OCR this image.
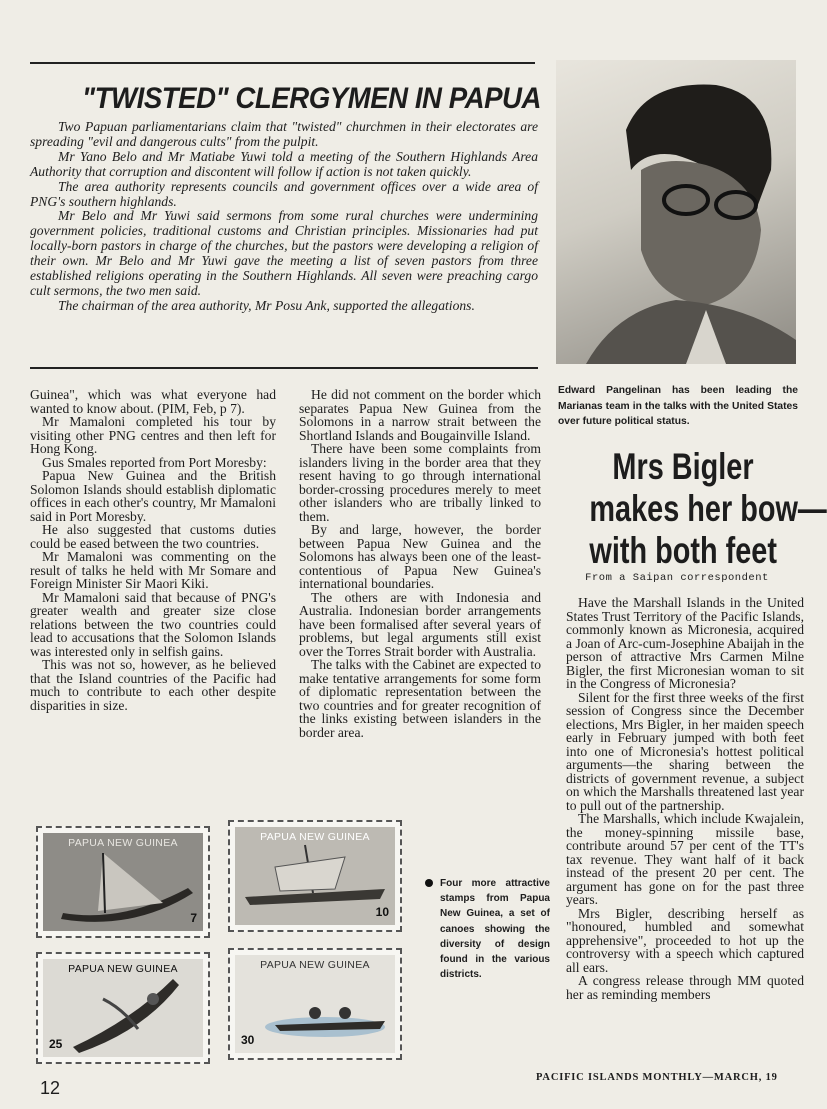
"TWISTED" CLERGYMEN IN PAPUA

Two Papuan parliamentarians claim that "twisted" churchmen in their electorates are spreading "evil and dangerous cults" from the pulpit.

Mr Yano Belo and Mr Matiabe Yuwi told a meeting of the Southern Highlands Area Authority that corruption and discontent will follow if action is not taken quickly.

The area authority represents councils and government offices over a wide area of PNG's southern highlands.

Mr Belo and Mr Yuwi said sermons from some rural churches were undermining government policies, traditional customs and Christian principles. Missionaries had put locally-born pastors in charge of the churches, but the pastors were developing a religion of their own. Mr Belo and Mr Yuwi gave the meeting a list of seven pastors from three established religions operating in the Southern Highlands. All seven were preaching cargo cult sermons, the two men said.

The chairman of the area authority, Mr Posu Ank, supported the allegations.

Edward Pangelinan has been leading the Marianas team in the talks with the United States over future political status.

Guinea", which was what everyone had wanted to know about. (PIM, Feb, p 7).

Mr Mamaloni completed his tour by visiting other PNG centres and then left for Hong Kong.

Gus Smales reported from Port Moresby:

Papua New Guinea and the British Solomon Islands should establish diplomatic offices in each other's country, Mr Mamaloni said in Port Moresby.

He also suggested that customs duties could be eased between the two countries.

Mr Mamaloni was commenting on the result of talks he held with Mr Somare and Foreign Minister Sir Maori Kiki.

Mr Mamaloni said that because of PNG's greater wealth and greater size close relations between the two countries could lead to accusations that the Solomon Islands was interested only in selfish gains.

This was not so, however, as he believed that the Island countries of the Pacific had much to contribute to each other despite disparities in size.

He did not comment on the border which separates Papua New Guinea from the Solomons in a narrow strait between the Shortland Islands and Bougainville Island.

There have been some complaints from islanders living in the border area that they resent having to go through international border-crossing procedures merely to meet other islanders who are tribally linked to them.

By and large, however, the border between Papua New Guinea and the Solomons has always been one of the least-contentious of Papua New Guinea's international boundaries.

The others are with Indonesia and Australia. Indonesian border arrangements have been formalised after several years of problems, but legal arguments still exist over the Torres Strait border with Australia.

The talks with the Cabinet are expected to make tentative arrangements for some form of diplomatic representation between the two countries and for greater recognition of the links existing between islanders in the border area.

Mrs Bigler
makes her bow—
with both feet
From a Saipan correspondent

Have the Marshall Islands in the United States Trust Territory of the Pacific Islands, commonly known as Micronesia, acquired a Joan of Arc-cum-Josephine Abaijah in the person of attractive Mrs Carmen Milne Bigler, the first Micronesian woman to sit in the Congress of Micronesia?

Silent for the first three weeks of the first session of Congress since the December elections, Mrs Bigler, in her maiden speech early in February jumped with both feet into one of Micronesia's hottest political arguments—the sharing between the districts of government revenue, a subject on which the Marshalls threatened last year to pull out of the partnership.

The Marshalls, which include Kwajalein, the money-spinning missile base, contribute around 57 per cent of the TT's tax revenue. They want half of it back instead of the present 20 per cent. The argument has gone on for the past three years.

Mrs Bigler, describing herself as "honoured, humbled and somewhat apprehensive", proceeded to hot up the controversy with a speech which captured all ears.

A congress release through MM quoted her as reminding members

PAPUA NEW GUINEA
7
PAPUA NEW GUINEA
10
PAPUA NEW GUINEA
25
PAPUA NEW GUINEA
30
Four more attractive stamps from Papua New Guinea, a set of canoes showing the diversity of design found in the various districts.
12
PACIFIC ISLANDS MONTHLY—MARCH, 19
